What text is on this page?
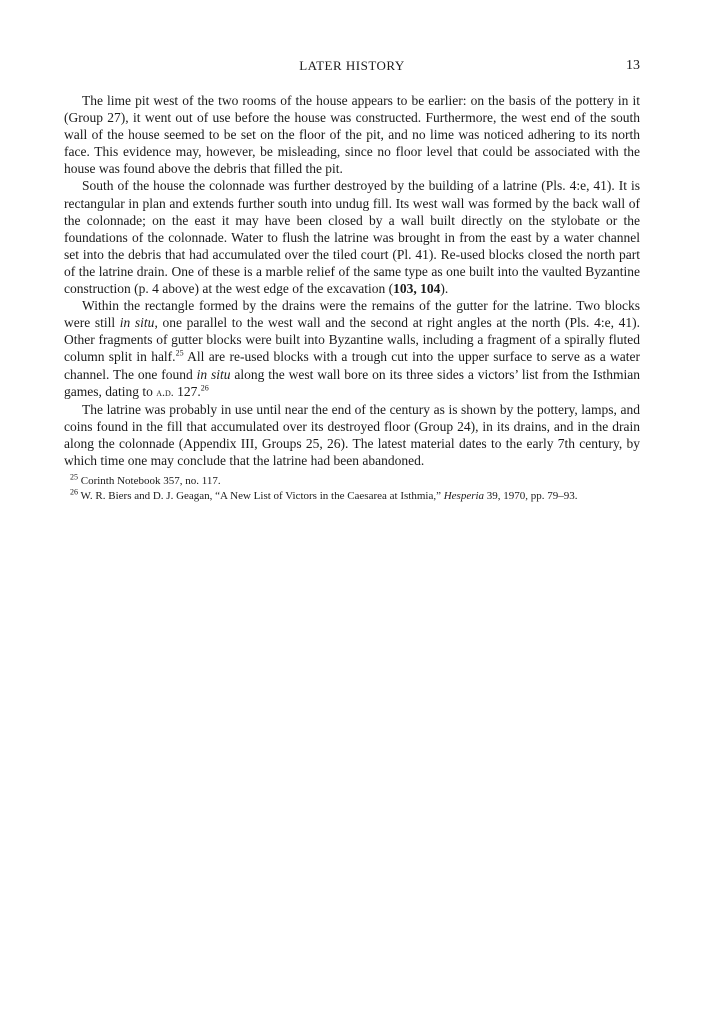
LATER HISTORY	13

The lime pit west of the two rooms of the house appears to be earlier: on the basis of the pottery in it (Group 27), it went out of use before the house was constructed. Furthermore, the west end of the south wall of the house seemed to be set on the floor of the pit, and no lime was noticed adhering to its north face. This evidence may, however, be misleading, since no floor level that could be associated with the house was found above the debris that filled the pit.

South of the house the colonnade was further destroyed by the building of a latrine (Pls. 4:e, 41). It is rectangular in plan and extends further south into undug fill. Its west wall was formed by the back wall of the colonnade; on the east it may have been closed by a wall built directly on the stylobate or the foundations of the colonnade. Water to flush the latrine was brought in from the east by a water channel set into the debris that had accumulated over the tiled court (Pl. 41). Re-used blocks closed the north part of the latrine drain. One of these is a marble relief of the same type as one built into the vaulted Byzantine construction (p. 4 above) at the west edge of the excavation (103, 104).

Within the rectangle formed by the drains were the remains of the gutter for the latrine. Two blocks were still in situ, one parallel to the west wall and the second at right angles at the north (Pls. 4:e, 41). Other fragments of gutter blocks were built into Byzantine walls, including a fragment of a spirally fluted column split in half.$^{25}$ All are re-used blocks with a trough cut into the upper surface to serve as a water channel. The one found in situ along the west wall bore on its three sides a victors’ list from the Isthmian games, dating to a.d. 127.26

The latrine was probably in use until near the end of the century as is shown by the pottery, lamps, and coins found in the fill that accumulated over its destroyed floor (Group 24), in its drains, and in the drain along the colonnade (Appendix III, Groups 25, 26). The latest material dates to the early 7th century, by which time one may conclude that the latrine had been abandoned.

$^{25}$ Corinth Notebook 357, no. 117.

$^{26}$ W. R. Biers and D. J. Geagan, “A New List of Victors in the Caesarea at Isthmia,” Hesperia 39, 1970, pp. 79–93.
